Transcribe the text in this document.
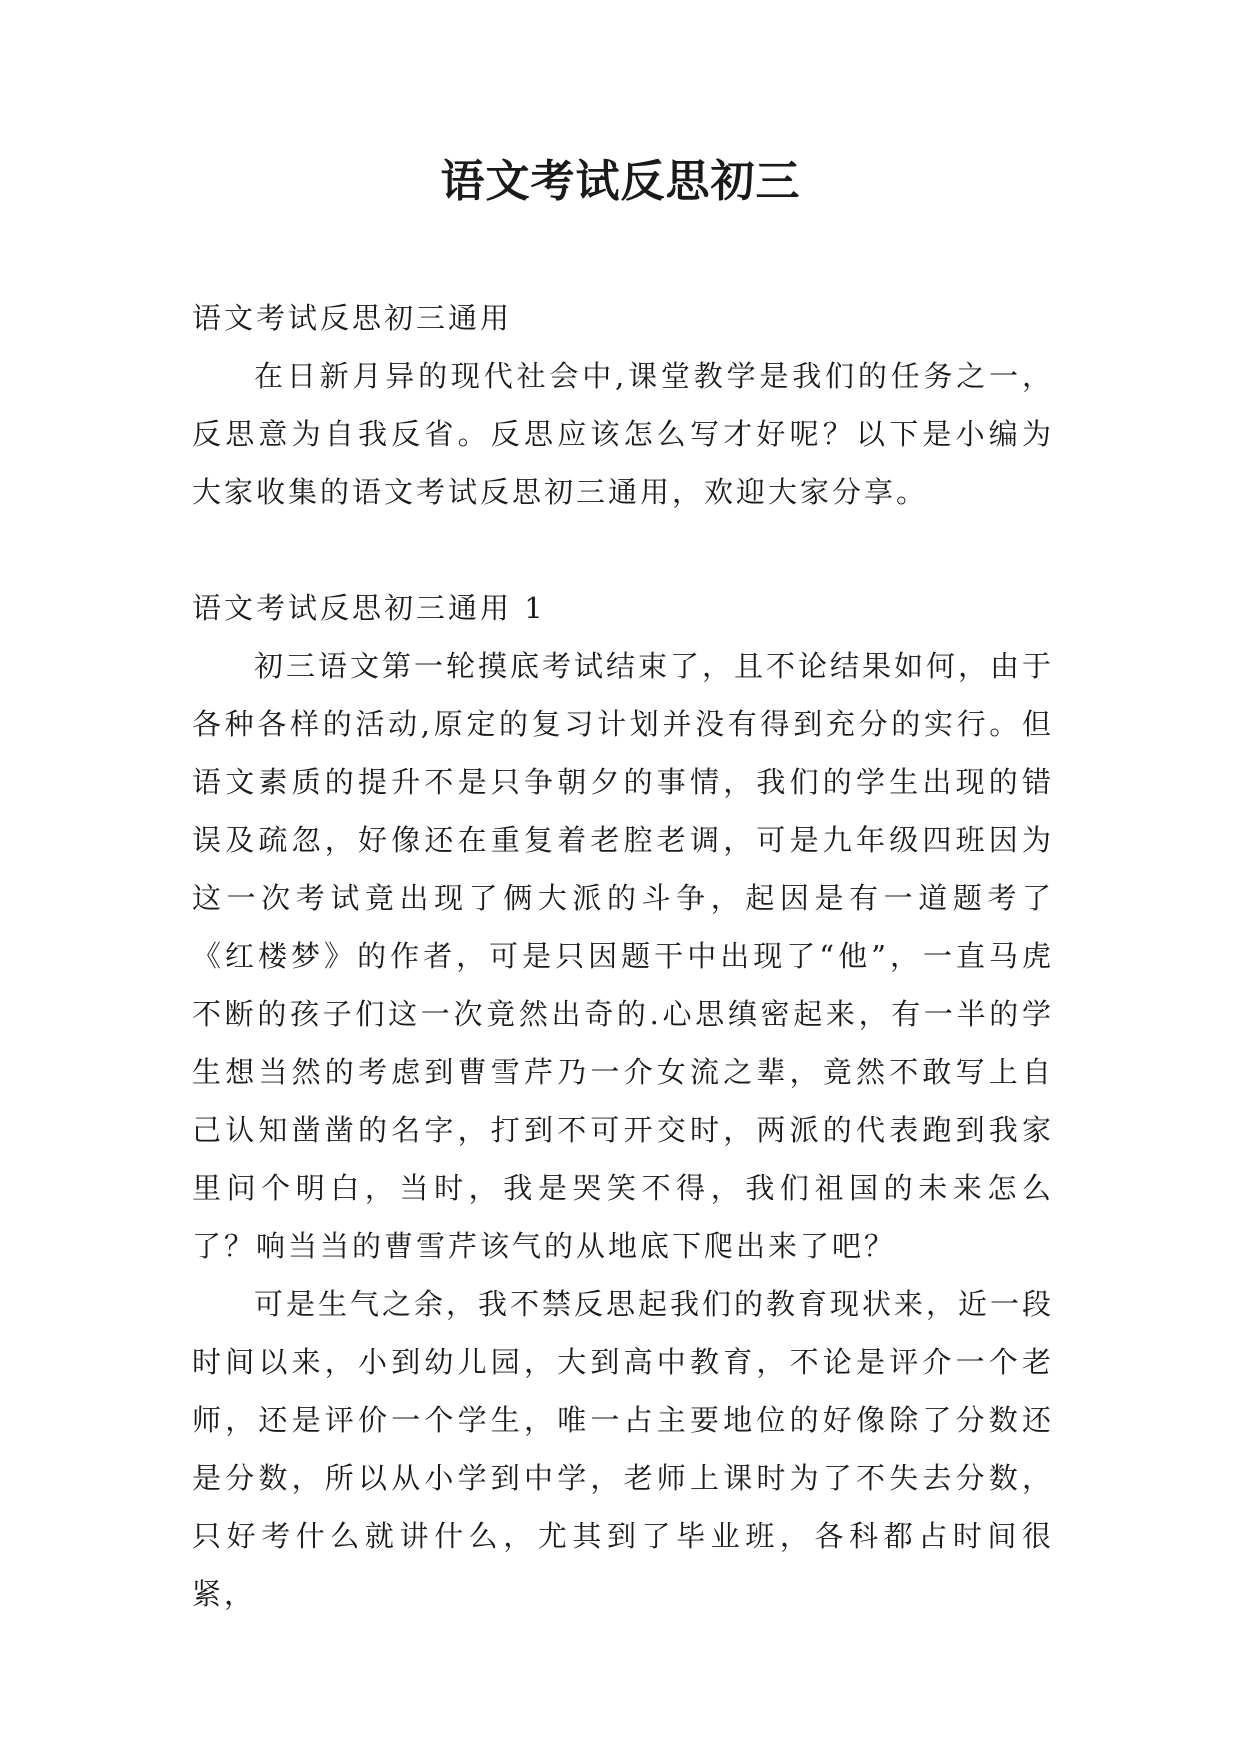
语文考试反思初三

语文考试反思初三通用

在日新月异的现代社会中,课堂教学是我们的任务之一，反思意为自我反省。反思应该怎么写才好呢？以下是小编为大家收集的语文考试反思初三通用，欢迎大家分享。

语文考试反思初三通用 1

初三语文第一轮摸底考试结束了，且不论结果如何，由于各种各样的活动,原定的复习计划并没有得到充分的实行。但语文素质的提升不是只争朝夕的事情，我们的学生出现的错误及疏忽，好像还在重复着老腔老调，可是九年级四班因为这一次考试竟出现了俩大派的斗争，起因是有一道题考了《红楼梦》的作者，可是只因题干中出现了“他”，一直马虎不断的孩子们这一次竟然出奇的.心思缜密起来，有一半的学生想当然的考虑到曹雪芹乃一介女流之辈，竟然不敢写上自己认知凿凿的名字，打到不可开交时，两派的代表跑到我家里问个明白，当时，我是哭笑不得，我们祖国的未来怎么了？响当当的曹雪芹该气的从地底下爬出来了吧？

可是生气之余，我不禁反思起我们的教育现状来，近一段时间以来，小到幼儿园，大到高中教育，不论是评介一个老师，还是评价一个学生，唯一占主要地位的好像除了分数还是分数，所以从小学到中学，老师上课时为了不失去分数，只好考什么就讲什么，尤其到了毕业班，各科都占时间很紧，
